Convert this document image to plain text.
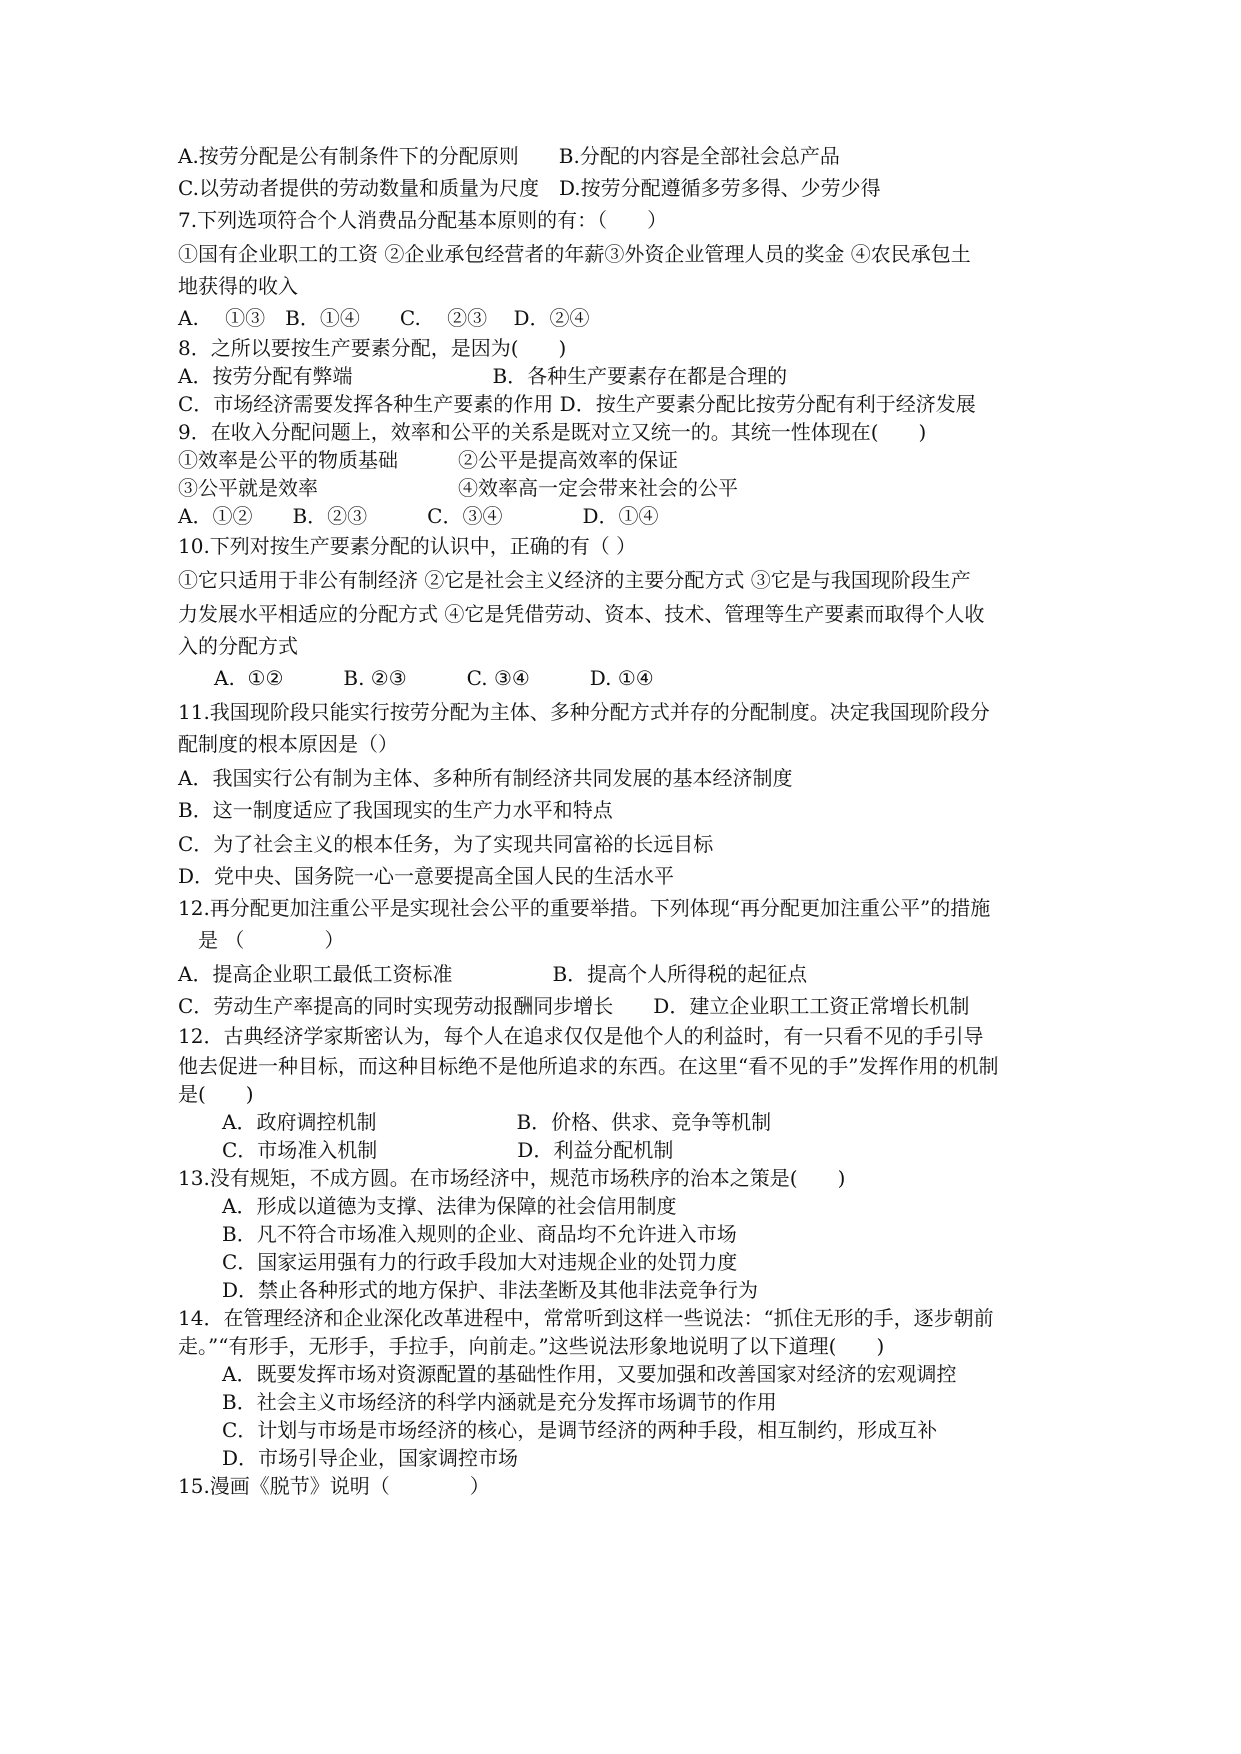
A.按劳分配是公有制条件下的分配原则　　B.分配的内容是全部社会总产品
C.以劳动者提供的劳动数量和质量为尺度　D.按劳分配遵循多劳多得、少劳少得
7.下列选项符合个人消费品分配基本原则的有：（　　）
①国有企业职工的工资 ②企业承包经营者的年薪③外资企业管理人员的奖金 ④农民承包土
地获得的收入
A.　 ①③　B．①④　　C.　 ②③　 D．②④
8．之所以要按生产要素分配，是因为(　　)
A．按劳分配有弊端　　　　　　　B．各种生产要素存在都是合理的
C．市场经济需要发挥各种生产要素的作用 D．按生产要素分配比按劳分配有利于经济发展
9．在收入分配问题上，效率和公平的关系是既对立又统一的。其统一性体现在(　　)
①效率是公平的物质基础　　　②公平是提高效率的保证
③公平就是效率　　　　　　　④效率高一定会带来社会的公平
A．①②　　B．②③　　　C．③④　　　　D．①④
10.下列对按生产要素分配的认识中，正确的有（ ）
①它只适用于非公有制经济 ②它是社会主义经济的主要分配方式 ③它是与我国现阶段生产
力发展水平相适应的分配方式 ④它是凭借劳动、资本、技术、管理等生产要素而取得个人收
入的分配方式
A.  ①②　　　B. ②③　　　C. ③④　　　D. ①④
11.我国现阶段只能实行按劳分配为主体、多种分配方式并存的分配制度。决定我国现阶段分
配制度的根本原因是（）
A．我国实行公有制为主体、多种所有制经济共同发展的基本经济制度
B．这一制度适应了我国现实的生产力水平和特点
C．为了社会主义的根本任务，为了实现共同富裕的长远目标
D．党中央、国务院一心一意要提高全国人民的生活水平
12.再分配更加注重公平是实现社会公平的重要举措。下列体现“再分配更加注重公平”的措施
是 （　　　　）
A．提高企业职工最低工资标准　　　　　B．提高个人所得税的起征点
C．劳动生产率提高的同时实现劳动报酬同步增长　　D．建立企业职工工资正常增长机制
12．古典经济学家斯密认为，每个人在追求仅仅是他个人的利益时，有一只看不见的手引导
他去促进一种目标，而这种目标绝不是他所追求的东西。在这里“看不见的手”发挥作用的机制
是(　　)
A．政府调控机制　　　　　　　B．价格、供求、竞争等机制
C．市场准入机制　　　　　　　D．利益分配机制
13.没有规矩，不成方圆。在市场经济中，规范市场秩序的治本之策是(　　)
A．形成以道德为支撑、法律为保障的社会信用制度
B．凡不符合市场准入规则的企业、商品均不允许进入市场
C．国家运用强有力的行政手段加大对违规企业的处罚力度
D．禁止各种形式的地方保护、非法垄断及其他非法竞争行为
14．在管理经济和企业深化改革进程中，常常听到这样一些说法：“抓住无形的手，逐步朝前
走。”“有形手，无形手，手拉手，向前走。”这些说法形象地说明了以下道理(　　)
A．既要发挥市场对资源配置的基础性作用，又要加强和改善国家对经济的宏观调控
B．社会主义市场经济的科学内涵就是充分发挥市场调节的作用
C．计划与市场是市场经济的核心，是调节经济的两种手段，相互制约，形成互补
D．市场引导企业，国家调控市场
15.漫画《脱节》说明（　　　　）
